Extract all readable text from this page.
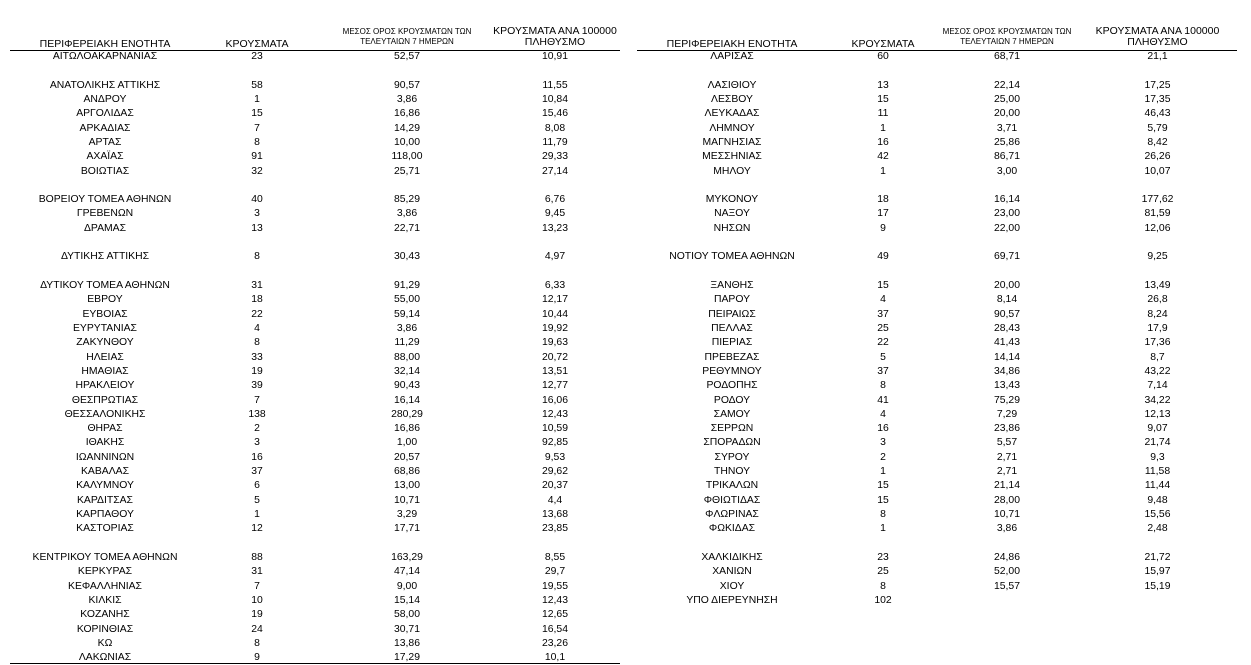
ΠΕΡΙΦΕΡΕΙΑΚΗ ΕΝΟΤΗΤΑ	ΚΡΟΥΣΜΑΤΑ
ΜΕΣΟΣ ΟΡΟΣ ΚΡΟΥΣΜΑΤΩΝ ΤΩΝ
ΤΕΛΕΥΤΑΙΩΝ 7 ΗΜΕΡΩΝ
ΚΡΟΥΣΜΑΤΑ ΑΝΑ 100000
ΠΛΗΘΥΣΜΟ
ΑΙΤΩΛΟΑΚΑΡΝΑΝΙΑΣ	23	52,57	10,91
ΑΝΑΤΟΛΙΚΗΣ ΑΤΤΙΚΗΣ	58	90,57	11,55
ΑΝΔΡΟΥ	1	3,86	10,84
ΑΡΓΟΛΙΔΑΣ	15	16,86	15,46
ΑΡΚΑΔΙΑΣ	7	14,29	8,08
ΑΡΤΑΣ	8	10,00	11,79
ΑΧΑΪΑΣ	91	118,00	29,33
ΒΟΙΩΤΙΑΣ	32	25,71	27,14
ΒΟΡΕΙΟΥ ΤΟΜΕΑ ΑΘΗΝΩΝ	40	85,29	6,76
ΓΡΕΒΕΝΩΝ	3	3,86	9,45
ΔΡΑΜΑΣ	13	22,71	13,23
ΔΥΤΙΚΗΣ ΑΤΤΙΚΗΣ	8	30,43	4,97
ΔΥΤΙΚΟΥ ΤΟΜΕΑ ΑΘΗΝΩΝ	31	91,29	6,33
ΕΒΡΟΥ	18	55,00	12,17
ΕΥΒΟΙΑΣ	22	59,14	10,44
ΕΥΡΥΤΑΝΙΑΣ	4	3,86	19,92
ΖΑΚΥΝΘΟΥ	8	11,29	19,63
ΗΛΕΙΑΣ	33	88,00	20,72
ΗΜΑΘΙΑΣ	19	32,14	13,51
ΗΡΑΚΛΕΙΟΥ	39	90,43	12,77
ΘΕΣΠΡΩΤΙΑΣ	7	16,14	16,06
ΘΕΣΣΑΛΟΝΙΚΗΣ	138	280,29	12,43
ΘΗΡΑΣ	2	16,86	10,59
ΙΘΑΚΗΣ	3	1,00	92,85
ΙΩΑΝΝΙΝΩΝ	16	20,57	9,53
ΚΑΒΑΛΑΣ	37	68,86	29,62
ΚΑΛΥΜΝΟΥ	6	13,00	20,37
ΚΑΡΔΙΤΣΑΣ	5	10,71	4,4
ΚΑΡΠΑΘΟΥ	1	3,29	13,68
ΚΑΣΤΟΡΙΑΣ	12	17,71	23,85
ΚΕΝΤΡΙΚΟΥ ΤΟΜΕΑ ΑΘΗΝΩΝ	88	163,29	8,55
ΚΕΡΚΥΡΑΣ	31	47,14	29,7
ΚΕΦΑΛΛΗΝΙΑΣ	7	9,00	19,55
ΚΙΛΚΙΣ	10	15,14	12,43
ΚΟΖΑΝΗΣ	19	58,00	12,65
ΚΟΡΙΝΘΙΑΣ	24	30,71	16,54
ΚΩ	8	13,86	23,26
ΛΑΚΩΝΙΑΣ	9	17,29	10,1
ΠΕΡΙΦΕΡΕΙΑΚΗ ΕΝΟΤΗΤΑ	ΚΡΟΥΣΜΑΤΑ
ΜΕΣΟΣ ΟΡΟΣ ΚΡΟΥΣΜΑΤΩΝ ΤΩΝ
ΤΕΛΕΥΤΑΙΩΝ 7 ΗΜΕΡΩΝ
ΚΡΟΥΣΜΑΤΑ ΑΝΑ 100000
ΠΛΗΘΥΣΜΟ
ΛΑΡΙΣΑΣ	60	68,71	21,1
ΛΑΣΙΘΙΟΥ	13	22,14	17,25
ΛΕΣΒΟΥ	15	25,00	17,35
ΛΕΥΚΑΔΑΣ	11	20,00	46,43
ΛΗΜΝΟΥ	1	3,71	5,79
ΜΑΓΝΗΣΙΑΣ	16	25,86	8,42
ΜΕΣΣΗΝΙΑΣ	42	86,71	26,26
ΜΗΛΟΥ	1	3,00	10,07
ΜΥΚΟΝΟΥ	18	16,14	177,62
ΝΑΞΟΥ	17	23,00	81,59
ΝΗΣΩΝ	9	22,00	12,06
ΝΟΤΙΟΥ ΤΟΜΕΑ ΑΘΗΝΩΝ	49	69,71	9,25
ΞΑΝΘΗΣ	15	20,00	13,49
ΠΑΡΟΥ	4	8,14	26,8
ΠΕΙΡΑΙΩΣ	37	90,57	8,24
ΠΕΛΛΑΣ	25	28,43	17,9
ΠΙΕΡΙΑΣ	22	41,43	17,36
ΠΡΕΒΕΖΑΣ	5	14,14	8,7
ΡΕΘΥΜΝΟΥ	37	34,86	43,22
ΡΟΔΟΠΗΣ	8	13,43	7,14
ΡΟΔΟΥ	41	75,29	34,22
ΣΑΜΟΥ	4	7,29	12,13
ΣΕΡΡΩΝ	16	23,86	9,07
ΣΠΟΡΑΔΩΝ	3	5,57	21,74
ΣΥΡΟΥ	2	2,71	9,3
ΤΗΝΟΥ	1	2,71	11,58
ΤΡΙΚΑΛΩΝ	15	21,14	11,44
ΦΘΙΩΤΙΔΑΣ	15	28,00	9,48
ΦΛΩΡΙΝΑΣ	8	10,71	15,56
ΦΩΚΙΔΑΣ	1	3,86	2,48
ΧΑΛΚΙΔΙΚΗΣ	23	24,86	21,72
ΧΑΝΙΩΝ	25	52,00	15,97
ΧΙΟΥ	8	15,57	15,19
ΥΠΟ ΔΙΕΡΕΥΝΗΣΗ	102
